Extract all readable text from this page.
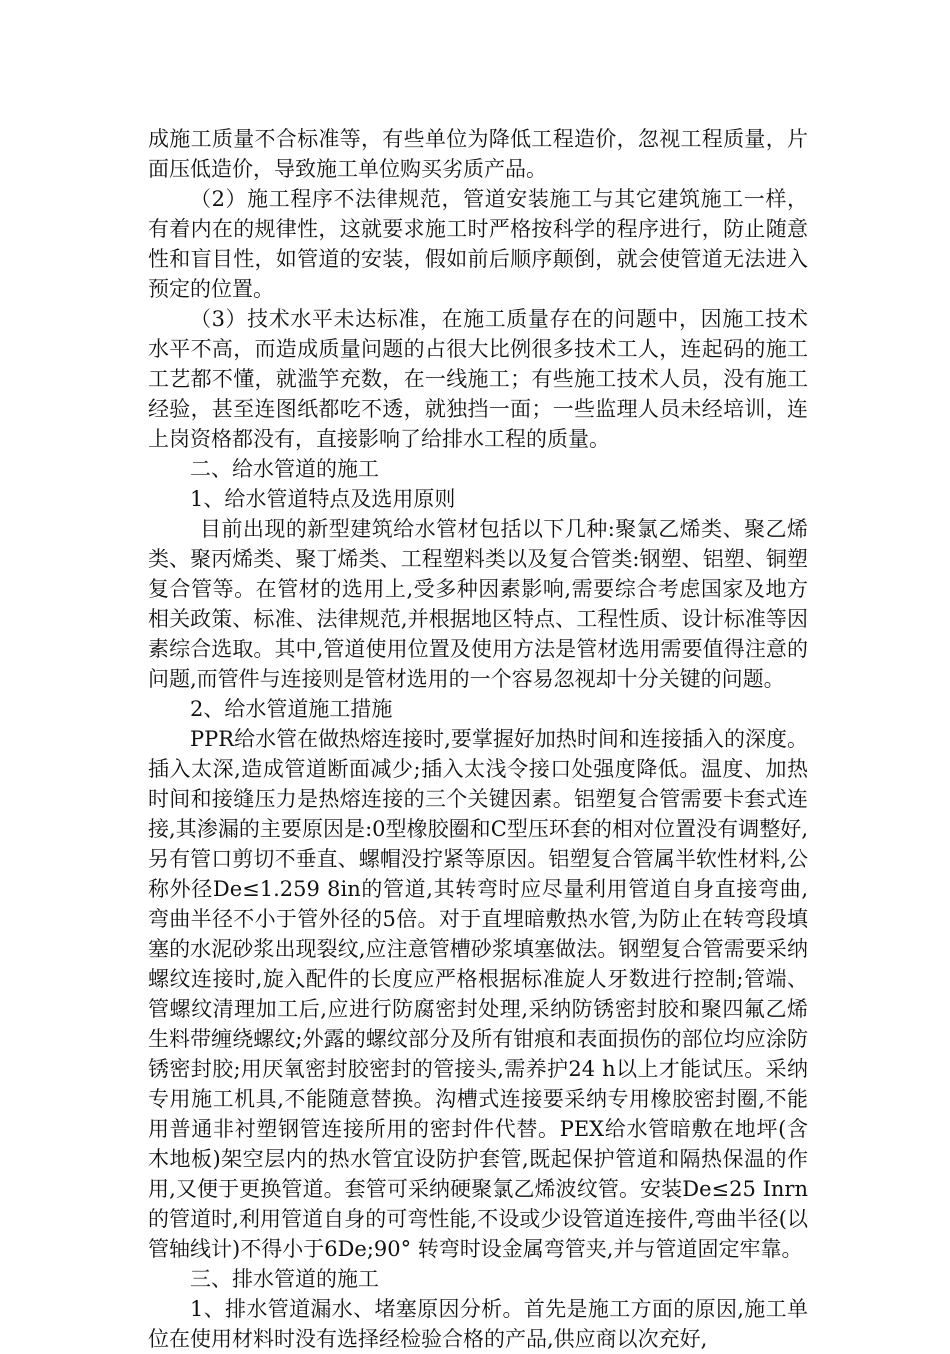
成施工质量不合标准等，有些单位为降低工程造价，忽视工程质量，片面压低造价，导致施工单位购买劣质产品。

（2）施工程序不法律规范，管道安装施工与其它建筑施工一样，有着内在的规律性，这就要求施工时严格按科学的程序进行，防止随意性和盲目性，如管道的安装，假如前后顺序颠倒，就会使管道无法进入预定的位置。

（3）技术水平未达标准，在施工质量存在的问题中，因施工技术水平不高，而造成质量问题的占很大比例很多技术工人，连起码的施工工艺都不懂，就滥竽充数，在一线施工；有些施工技术人员，没有施工经验，甚至连图纸都吃不透，就独挡一面；一些监理人员未经培训，连上岗资格都没有，直接影响了给排水工程的质量。

二、给水管道的施工

1、给水管道特点及选用原则

目前出现的新型建筑给水管材包括以下几种:聚氯乙烯类、聚乙烯类、聚丙烯类、聚丁烯类、工程塑料类以及复合管类:钢塑、铝塑、铜塑复合管等。在管材的选用上,受多种因素影响,需要综合考虑国家及地方相关政策、标准、法律规范,并根据地区特点、工程性质、设计标准等因素综合选取。其中,管道使用位置及使用方法是管材选用需要值得注意的问题,而管件与连接则是管材选用的一个容易忽视却十分关键的问题。

2、给水管道施工措施

PPR给水管在做热熔连接时,要掌握好加热时间和连接插入的深度。插入太深,造成管道断面减少;插入太浅令接口处强度降低。温度、加热时间和接缝压力是热熔连接的三个关键因素。铝塑复合管需要卡套式连接,其渗漏的主要原因是:0型橡胶圈和C型压环套的相对位置没有调整好,另有管口剪切不垂直、螺帽没拧紧等原因。铝塑复合管属半软性材料,公称外径De≤1.259 8in的管道,其转弯时应尽量利用管道自身直接弯曲,弯曲半径不小于管外径的5倍。对于直埋暗敷热水管,为防止在转弯段填塞的水泥砂浆出现裂纹,应注意管槽砂浆填塞做法。钢塑复合管需要采纳螺纹连接时,旋入配件的长度应严格根据标准旋人牙数进行控制;管端、管螺纹清理加工后,应进行防腐密封处理,采纳防锈密封胶和聚四氟乙烯生料带缠绕螺纹;外露的螺纹部分及所有钳痕和表面损伤的部位均应涂防锈密封胶;用厌氧密封胶密封的管接头,需养护24 h以上才能试压。采纳专用施工机具,不能随意替换。沟槽式连接要采纳专用橡胶密封圈,不能用普通非衬塑钢管连接所用的密封件代替。PEX给水管暗敷在地坪(含木地板)架空层内的热水管宜设防护套管,既起保护管道和隔热保温的作用,又便于更换管道。套管可采纳硬聚氯乙烯波纹管。安装De≤25 Inrn的管道时,利用管道自身的可弯性能,不设或少设管道连接件,弯曲半径(以管轴线计)不得小于6De;90° 转弯时设金属弯管夹,并与管道固定牢靠。

三、排水管道的施工

1、排水管道漏水、堵塞原因分析。首先是施工方面的原因,施工单位在使用材料时没有选择经检验合格的产品,供应商以次充好,
